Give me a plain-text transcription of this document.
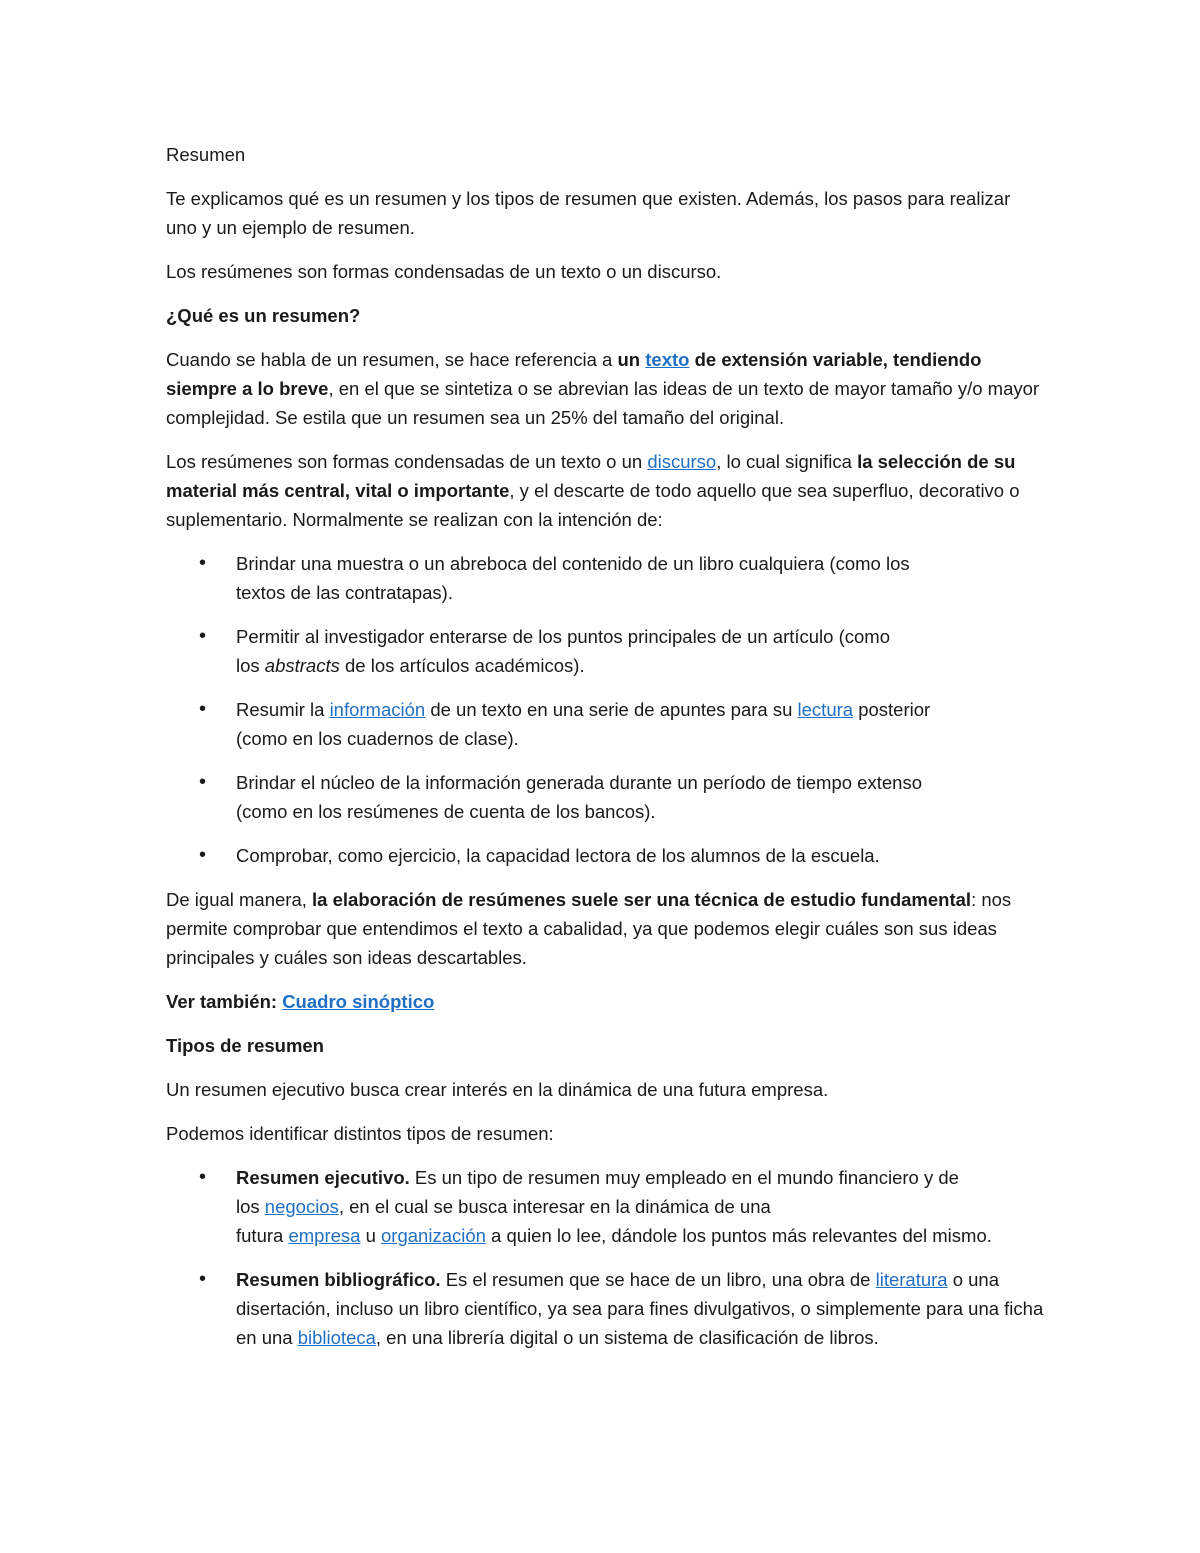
Resumen

Te explicamos qué es un resumen y los tipos de resumen que existen. Además, los pasos para realizar uno y un ejemplo de resumen.

Los resúmenes son formas condensadas de un texto o un discurso.

¿Qué es un resumen?

Cuando se habla de un resumen, se hace referencia a un texto de extensión variable, tendiendo siempre a lo breve, en el que se sintetiza o se abrevian las ideas de un texto de mayor tamaño y/o mayor complejidad. Se estila que un resumen sea un 25% del tamaño del original.

Los resúmenes son formas condensadas de un texto o un discurso, lo cual significa la selección de su material más central, vital o importante, y el descarte de todo aquello que sea superfluo, decorativo o suplementario. Normalmente se realizan con la intención de:

• Brindar una muestra o un abreboca del contenido de un libro cualquiera (como los
textos de las contratapas).
• Permitir al investigador enterarse de los puntos principales de un artículo (como
los abstracts de los artículos académicos).
• Resumir la información de un texto en una serie de apuntes para su lectura posterior
(como en los cuadernos de clase).
• Brindar el núcleo de la información generada durante un período de tiempo extenso
(como en los resúmenes de cuenta de los bancos).
• Comprobar, como ejercicio, la capacidad lectora de los alumnos de la escuela.

De igual manera, la elaboración de resúmenes suele ser una técnica de estudio fundamental: nos permite comprobar que entendimos el texto a cabalidad, ya que podemos elegir cuáles son sus ideas principales y cuáles son ideas descartables.

Ver también: Cuadro sinóptico

Tipos de resumen

Un resumen ejecutivo busca crear interés en la dinámica de una futura empresa.

Podemos identificar distintos tipos de resumen:

• Resumen ejecutivo. Es un tipo de resumen muy empleado en el mundo financiero y de
los negocios, en el cual se busca interesar en la dinámica de una
futura empresa u organización a quien lo lee, dándole los puntos más relevantes del mismo.
• Resumen bibliográfico. Es el resumen que se hace de un libro, una obra de literatura o una disertación, incluso un libro científico, ya sea para fines divulgativos, o simplemente para una ficha en una biblioteca, en una librería digital o un sistema de clasificación de libros.
